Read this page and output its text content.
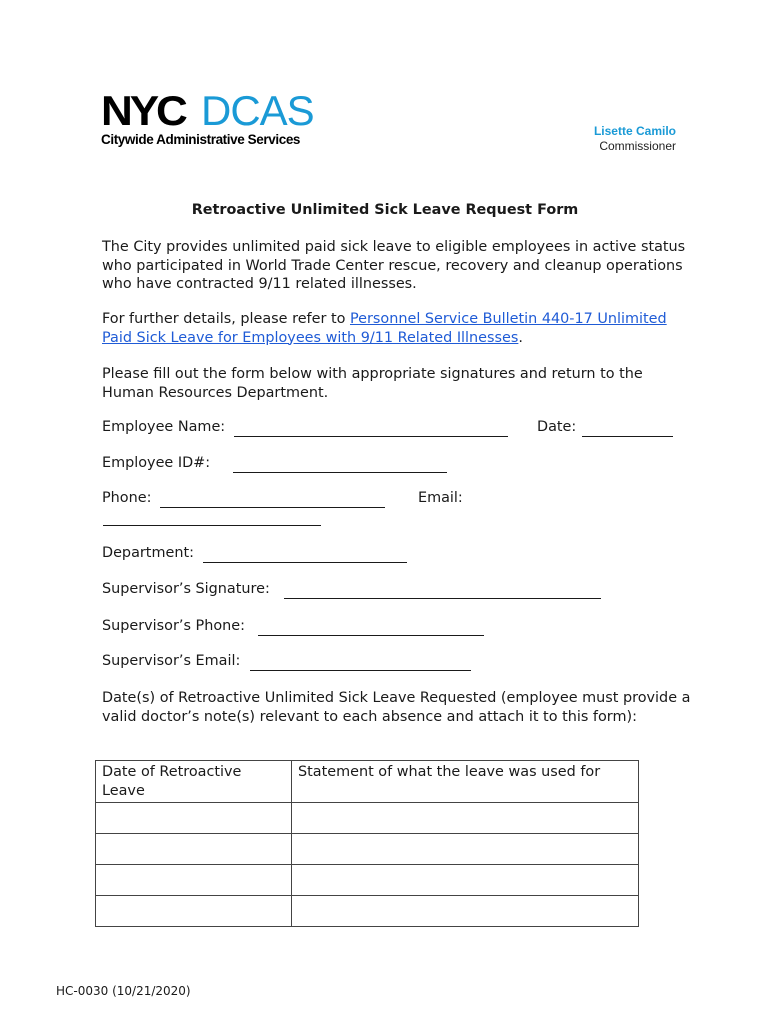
NYC DCAS
Citywide Administrative Services
Lisette Camilo
Commissioner
Retroactive Unlimited Sick Leave Request Form
The City provides unlimited paid sick leave to eligible employees in active status who participated in World Trade Center rescue, recovery and cleanup operations who have contracted 9/11 related illnesses.
For further details, please refer to Personnel Service Bulletin 440-17 Unlimited Paid Sick Leave for Employees with 9/11 Related Illnesses.
Please fill out the form below with appropriate signatures and return to the Human Resources Department.
Employee Name:	Date:
Employee ID#:
Phone:	Email:
Department:
Supervisor’s Signature:
Supervisor’s Phone:
Supervisor’s Email:
Date(s) of Retroactive Unlimited Sick Leave Requested (employee must provide a valid doctor’s note(s) relevant to each absence and attach it to this form):
Date of Retroactive Leave	Statement of what the leave was used for

HC-0030 (10/21/2020)
